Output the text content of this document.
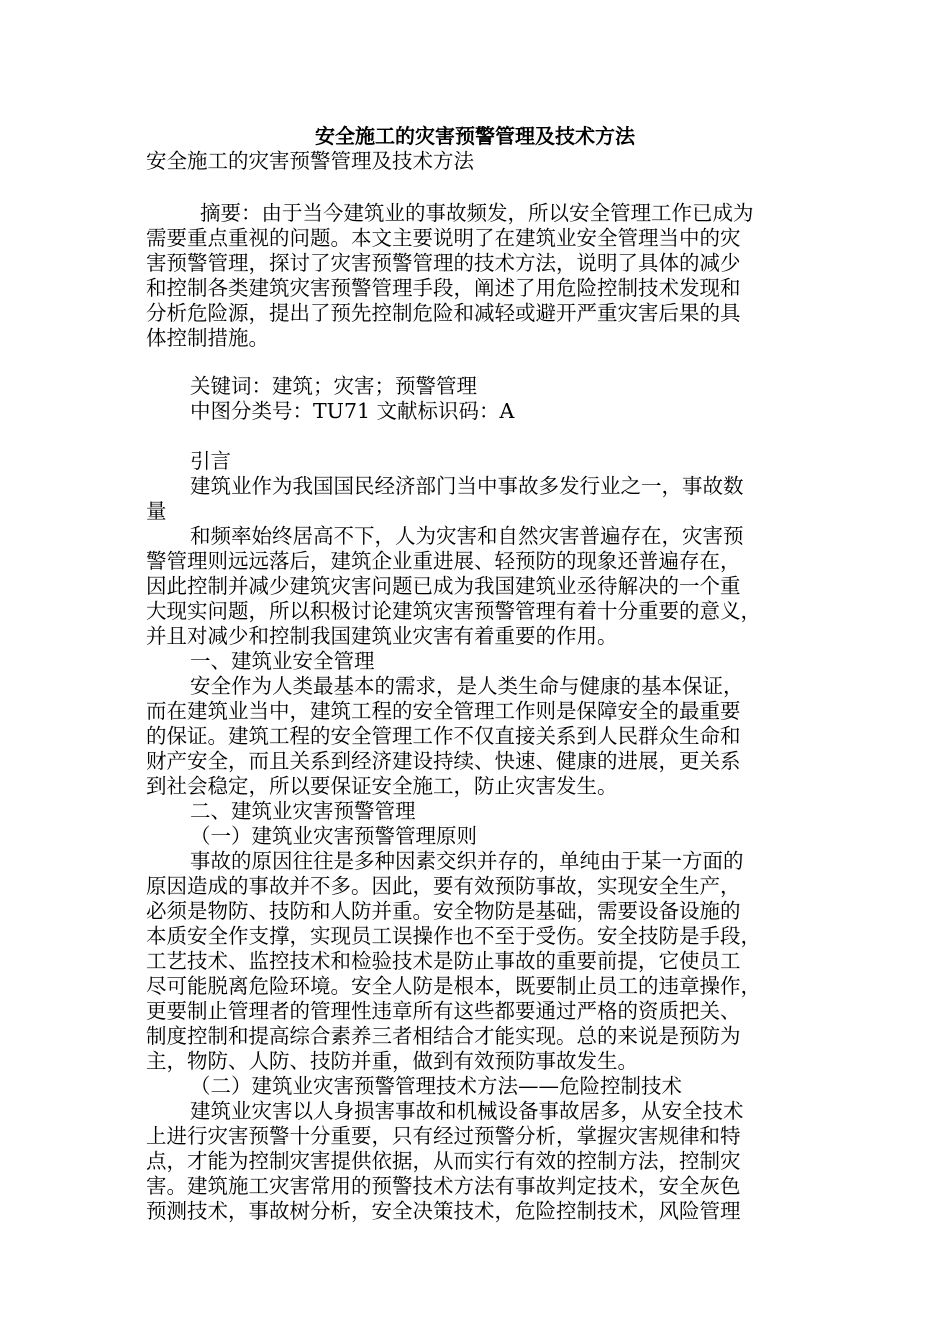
安全施工的灾害预警管理及技术方法
安全施工的灾害预警管理及技术方法
摘要：由于当今建筑业的事故频发，所以安全管理工作已成为
需要重点重视的问题。本文主要说明了在建筑业安全管理当中的灾
害预警管理，探讨了灾害预警管理的技术方法，说明了具体的减少
和控制各类建筑灾害预警管理手段，阐述了用危险控制技术发现和
分析危险源，提出了预先控制危险和减轻或避开严重灾害后果的具
体控制措施。
关键词：建筑；灾害；预警管理
中图分类号：TU71 文献标识码：A
引言
建筑业作为我国国民经济部门当中事故多发行业之一，事故数
量
和频率始终居高不下，人为灾害和自然灾害普遍存在，灾害预
警管理则远远落后，建筑企业重进展、轻预防的现象还普遍存在，
因此控制并减少建筑灾害问题已成为我国建筑业丞待解决的一个重
大现实问题，所以积极讨论建筑灾害预警管理有着十分重要的意义，
并且对减少和控制我国建筑业灾害有着重要的作用。
一、建筑业安全管理
安全作为人类最基本的需求，是人类生命与健康的基本保证，
而在建筑业当中，建筑工程的安全管理工作则是保障安全的最重要
的保证。建筑工程的安全管理工作不仅直接关系到人民群众生命和
财产安全，而且关系到经济建设持续、快速、健康的进展，更关系
到社会稳定，所以要保证安全施工，防止灾害发生。
二、建筑业灾害预警管理
（一）建筑业灾害预警管理原则
事故的原因往往是多种因素交织并存的，单纯由于某一方面的
原因造成的事故并不多。因此，要有效预防事故，实现安全生产，
必须是物防、技防和人防并重。安全物防是基础，需要设备设施的
本质安全作支撑，实现员工误操作也不至于受伤。安全技防是手段，
工艺技术、监控技术和检验技术是防止事故的重要前提，它使员工
尽可能脱离危险环境。安全人防是根本，既要制止员工的违章操作，
更要制止管理者的管理性违章所有这些都要通过严格的资质把关、
制度控制和提高综合素养三者相结合才能实现。总的来说是预防为
主，物防、人防、技防并重，做到有效预防事故发生。
（二）建筑业灾害预警管理技术方法——危险控制技术
建筑业灾害以人身损害事故和机械设备事故居多，从安全技术
上进行灾害预警十分重要，只有经过预警分析，掌握灾害规律和特
点，才能为控制灾害提供依据，从而实行有效的控制方法，控制灾
害。建筑施工灾害常用的预警技术方法有事故判定技术，安全灰色
预测技术，事故树分析，安全决策技术，危险控制技术，风险管理
